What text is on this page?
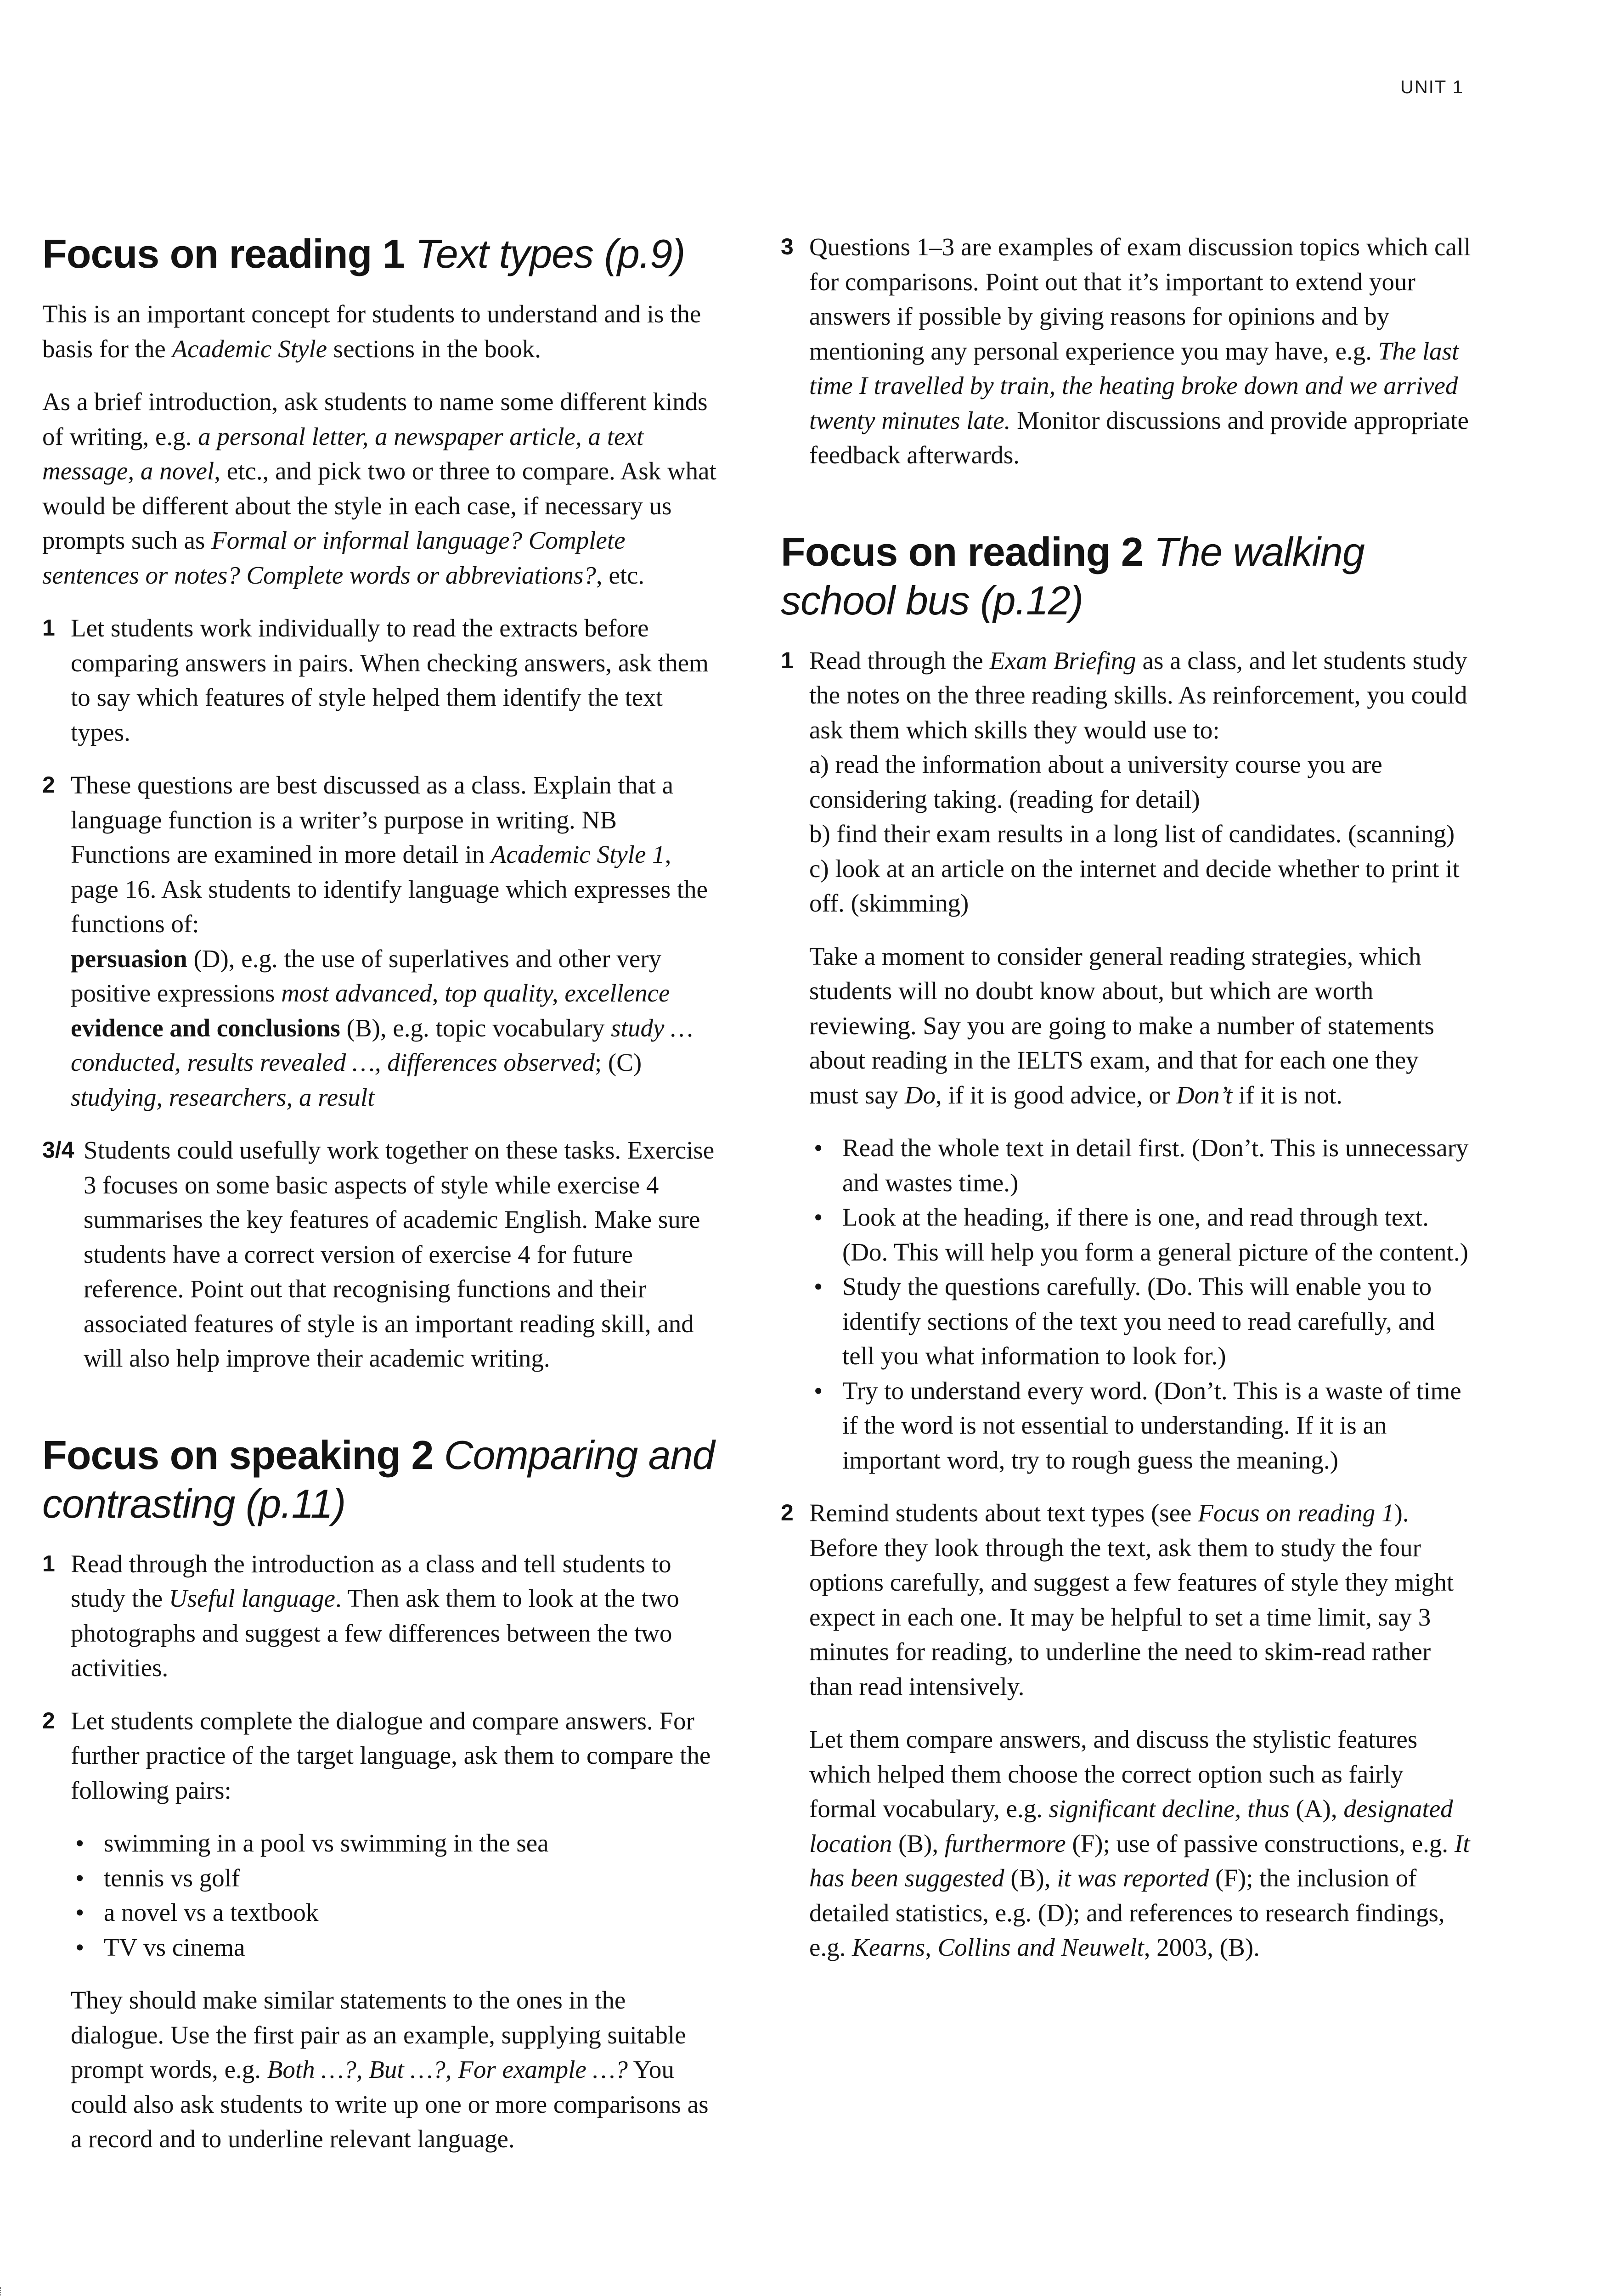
UNIT 1
Focus on reading 1 Text types (p.9)

This is an important concept for students to understand and is the basis for the Academic Style sections in the book.

As a brief introduction, ask students to name some different kinds of writing, e.g. a personal letter, a newspaper article, a text message, a novel, etc., and pick two or three to compare. Ask what would be different about the style in each case, if necessary us prompts such as Formal or informal language? Complete sentences or notes? Complete words or abbreviations?, etc.

1 Let students work individually to read the extracts before comparing answers in pairs. When checking answers, ask them to say which features of style helped them identify the text types.
2 These questions are best discussed as a class. Explain that a language function is a writer’s purpose in writing. NB Functions are examined in more detail in Academic Style 1, page 16. Ask students to identify language which expresses the functions of:
persuasion (D), e.g. the use of superlatives and other very positive expressions most advanced, top quality, excellence
evidence and conclusions (B), e.g. topic vocabulary study … conducted, results revealed …, differences observed; (C) studying, researchers, a result
3/4 Students could usefully work together on these tasks. Exercise 3 focuses on some basic aspects of style while exercise 4 summarises the key features of academic English. Make sure students have a correct version of exercise 4 for future reference. Point out that recognising functions and their associated features of style is an important reading skill, and will also help improve their academic writing.
Focus on speaking 2 Comparing and contrasting (p.11)
1 Read through the introduction as a class and tell students to study the Useful language. Then ask them to look at the two photographs and suggest a few differences between the two activities.
2 Let students complete the dialogue and compare answers. For further practice of the target language, ask them to compare the following pairs:
• swimming in a pool vs swimming in the sea
• tennis vs golf
• a novel vs a textbook
• TV vs cinema
They should make similar statements to the ones in the dialogue. Use the first pair as an example, supplying suitable prompt words, e.g. Both …?, But …?, For example …? You could also ask students to write up one or more comparisons as a record and to underline relevant language.
3 Questions 1–3 are examples of exam discussion topics which call for comparisons. Point out that it’s important to extend your answers if possible by giving reasons for opinions and by mentioning any personal experience you may have, e.g. The last time I travelled by train, the heating broke down and we arrived twenty minutes late. Monitor discussions and provide appropriate feedback afterwards.
Focus on reading 2 The walking school bus (p.12)
1 Read through the Exam Briefing as a class, and let students study the notes on the three reading skills. As reinforcement, you could ask them which skills they would use to:
a) read the information about a university course you are considering taking. (reading for detail)
b) find their exam results in a long list of candidates. (scanning)
c) look at an article on the internet and decide whether to print it off. (skimming)

Take a moment to consider general reading strategies, which students will no doubt know about, but which are worth reviewing. Say you are going to make a number of statements about reading in the IELTS exam, and that for each one they must say Do, if it is good advice, or Don’t if it is not.

• Read the whole text in detail first. (Don’t. This is unnecessary and wastes time.)
• Look at the heading, if there is one, and read through text. (Do. This will help you form a general picture of the content.)
• Study the questions carefully. (Do. This will enable you to identify sections of the text you need to read carefully, and tell you what information to look for.)
• Try to understand every word. (Don’t. This is a waste of time if the word is not essential to understanding. If it is an important word, try to rough guess the meaning.)
2 Remind students about text types (see Focus on reading 1). Before they look through the text, ask them to study the four options carefully, and suggest a few features of style they might expect in each one. It may be helpful to set a time limit, say 3 minutes for reading, to underline the need to skim-read rather than read intensively.

Let them compare answers, and discuss the stylistic features which helped them choose the correct option such as fairly formal vocabulary, e.g. significant decline, thus (A), designated location (B), furthermore (F); use of passive constructions, e.g. It has been suggested (B), it was reported (F); the inclusion of detailed statistics, e.g. (D); and references to research findings, e.g. Kearns, Collins and Neuwelt, 2003, (B).
